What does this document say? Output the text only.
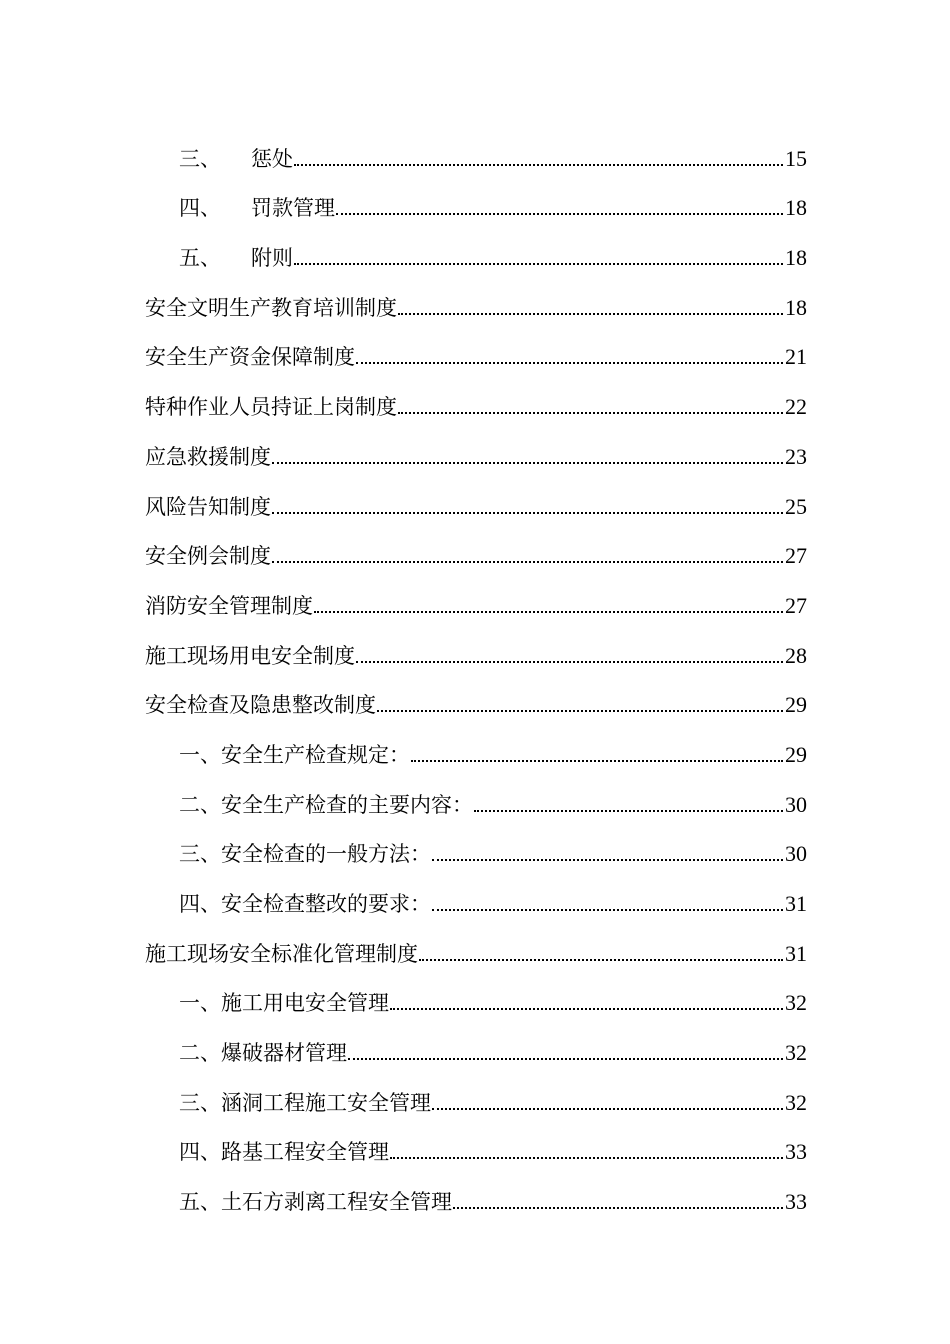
三、 惩处	15
四、 罚款管理	18
五、 附则	18
安全文明生产教育培训制度	18
安全生产资金保障制度	21
特种作业人员持证上岗制度	22
应急救援制度	23
风险告知制度	25
安全例会制度	27
消防安全管理制度	27
施工现场用电安全制度	28
安全检查及隐患整改制度	29
一、安全生产检查规定：	29
二、安全生产检查的主要内容：	30
三、安全检查的一般方法：	30
四、安全检查整改的要求：	31
施工现场安全标准化管理制度	31
一、施工用电安全管理	32
二、爆破器材管理	32
三、涵洞工程施工安全管理	32
四、路基工程安全管理	33
五、土石方剥离工程安全管理	33
